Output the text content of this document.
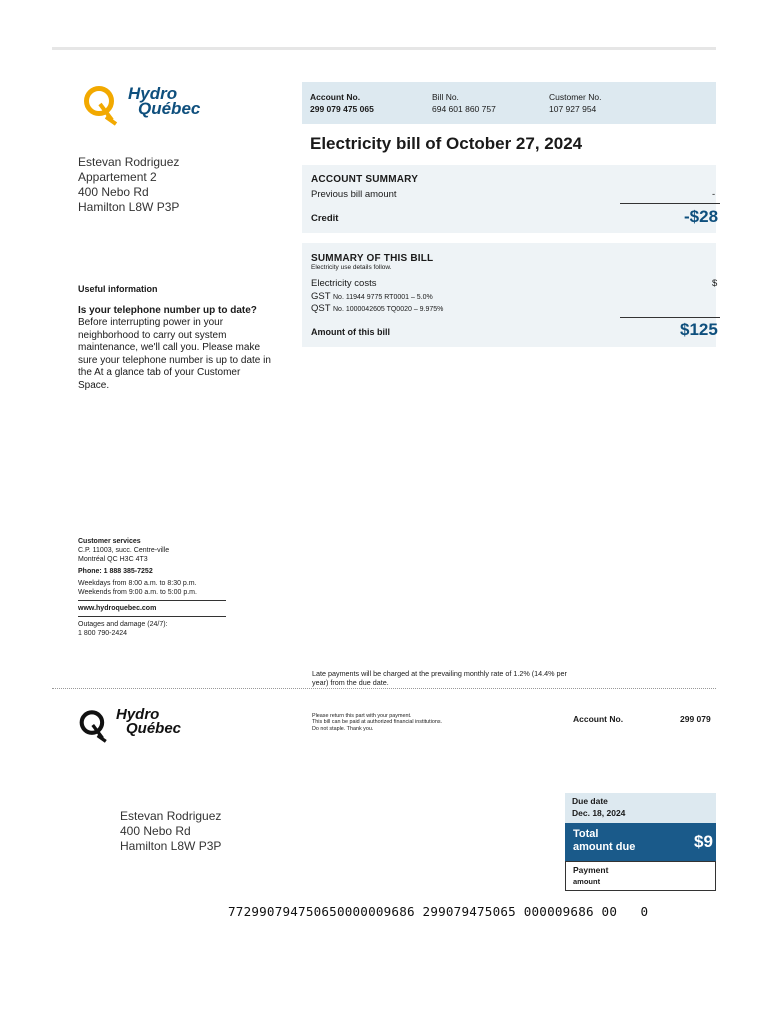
Hydro
Québec
Estevan Rodriguez
Appartement 2
400 Nebo Rd
Hamilton L8W P3P
Account No.
299 079 475 065
Bill No.
694 601 860 757
Customer No.
107 927 954
Electricity bill of October 27, 2024
ACCOUNT SUMMARY
Previous bill amount	-
Credit	-$28
SUMMARY OF THIS BILL
Electricity use details follow.
Electricity costs	$
GST No. 11944 9775 RT0001 – 5.0%
QST No. 1000042605 TQ0020 – 9.975%
Amount of this bill	$125
Useful information
Is your telephone number up to date?
Before interrupting power in your neighborhood to carry out system maintenance, we'll call you. Please make sure your telephone number is up to date in the At a glance tab of your Customer Space.
Customer services
C.P. 11003, succ. Centre-ville
Montréal QC H3C 4T3
Phone: 1 888 385-7252
Weekdays from 8:00 a.m. to 8:30 p.m.
Weekends from 9:00 a.m. to 5:00 p.m.
www.hydroquebec.com
Outages and damage (24/7):
1 800 790-2424
Late payments will be charged at the prevailing monthly rate of 1.2% (14.4% per year) from the due date.
Hydro
Québec
Please return this part with your payment.
This bill can be paid at authorized financial institutions.
Do not staple. Thank you.
Account No.	299 079
Estevan Rodriguez
400 Nebo Rd
Hamilton L8W P3P
Due date
Dec. 18, 2024
Total
amount due	$9
Payment
amount
772990794750650000009686 299079475065 000009686 00   0
